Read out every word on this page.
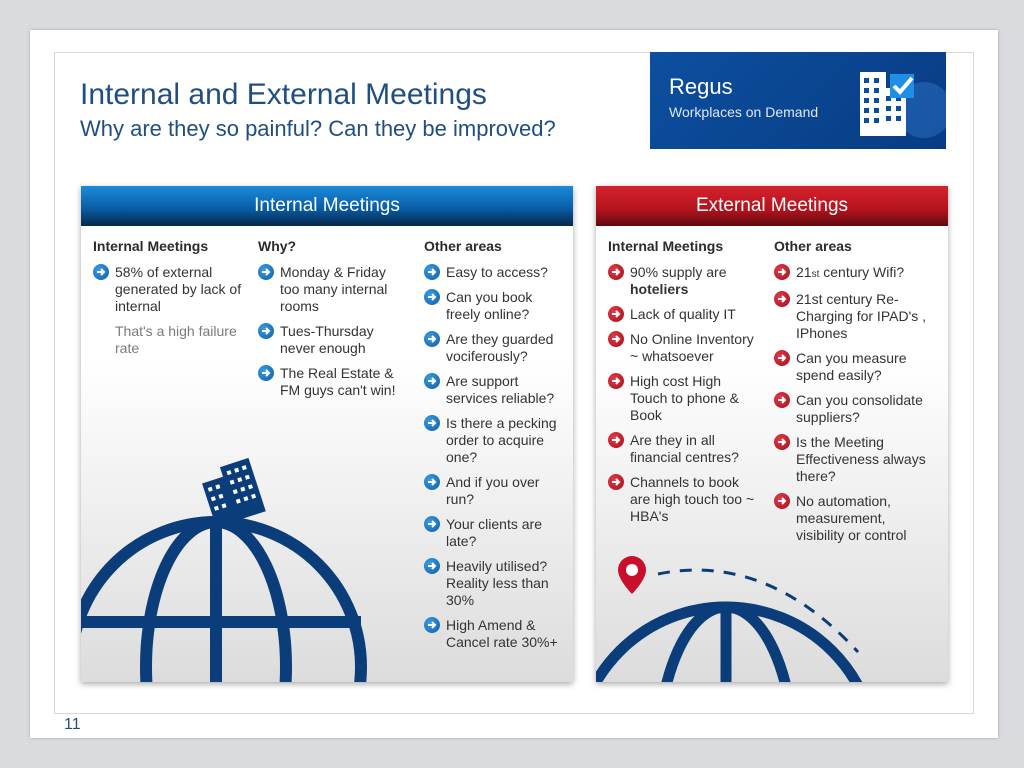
Internal and External Meetings
Why are they so painful? Can they be improved?
Regus
Workplaces on Demand
Internal Meetings
Internal Meetings
58% of external generated by lack of internal
That's a high failure rate
Why?
Monday & Friday too many internal rooms
Tues-Thursday never enough
The Real Estate & FM guys can't win!
Other areas
Easy to access?
Can you book freely online?
Are they guarded vociferously?
Are support services reliable?
Is there a pecking order to acquire one?
And if you over run?
Your clients are late?
Heavily utilised? Reality less than 30%
High Amend & Cancel rate 30%+
External Meetings
Internal Meetings
90% supply are hoteliers
Lack of quality IT
No Online Inventory ~ whatsoever
High cost High Touch to phone & Book
Are they in all financial centres?
Channels to book are high touch too ~ HBA's
Other areas
21st century Wifi?
21st century Re-Charging for IPAD's , IPhones
Can you measure spend easily?
Can you consolidate suppliers?
Is the Meeting Effectiveness always there?
No automation, measurement, visibility or control
11
